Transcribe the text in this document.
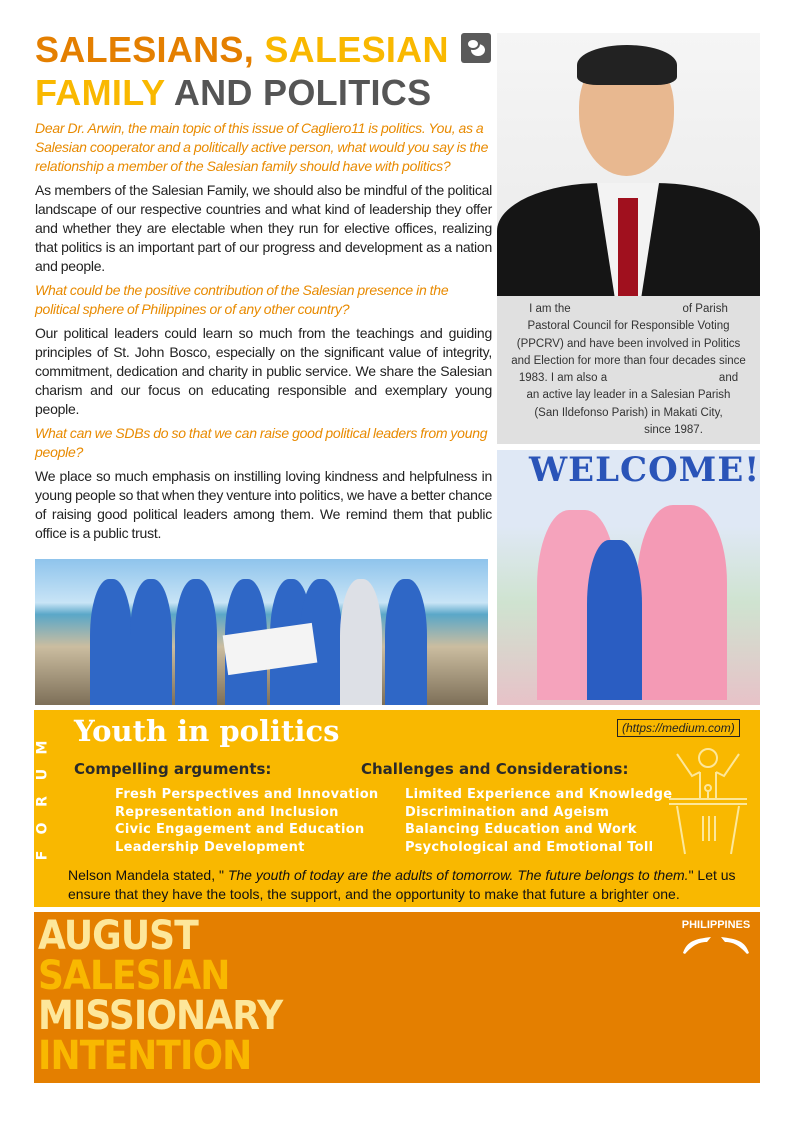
SALESIANS, SALESIAN
FAMILY AND POLITICS

Dear Dr. Arwin, the main topic of this issue of Cagliero11 is politics. You, as a Salesian cooperator and a politically active person, what would you say is the relationship a member of the Salesian family should have with politics?

As members of the Salesian Family, we should also be mindful of the political landscape of our respective countries and what kind of leadership they offer and whether they are electable when they run for elective offices, realizing that politics is an important part of our progress and development as a nation and people.

What could be the positive contribution of the Salesian presence in the political sphere of Philippines or of any other country?

Our political leaders could learn so much from the teachings and guiding principles of St. John Bosco, especially on the significant value of integrity, commitment, dedication and charity in public service. We share the Salesian charism and our focus on educating responsible and exemplary young people.

What can we SDBs do so that we can raise good political leaders from young people?

We place so much emphasis on instilling loving kindness and helpfulness in young people so that when they venture into politics, we have a better chance of raising good political leaders among them. We remind them that public office is a public trust.

I am the                                   of Parish
Pastoral Council for Responsible Voting
(PPCRV) and have been involved in Politics
and Election for more than four decades since
1983. I am also a                                   and
an active lay leader in a Salesian Parish
(San Ildefonso Parish) in Makati City,
since 1987.
WELCOME!
M
U
R
O
F
Youth in politics	(https://medium.com)
Compelling arguments:	Challenges and Considerations:
Fresh Perspectives and Innovation
Representation and Inclusion
Civic Engagement and Education
Leadership Development
Limited Experience and Knowledge
Discrimination and Ageism
Balancing Education and Work
Psychological and Emotional Toll
Nelson Mandela stated, " The youth of today are the adults of tomorrow. The future belongs to them." Let us ensure that they have the tools, the support, and the opportunity to make that future a brighter one.
AUGUST
SALESIAN
MISSIONARY
INTENTION
PHILIPPINES
